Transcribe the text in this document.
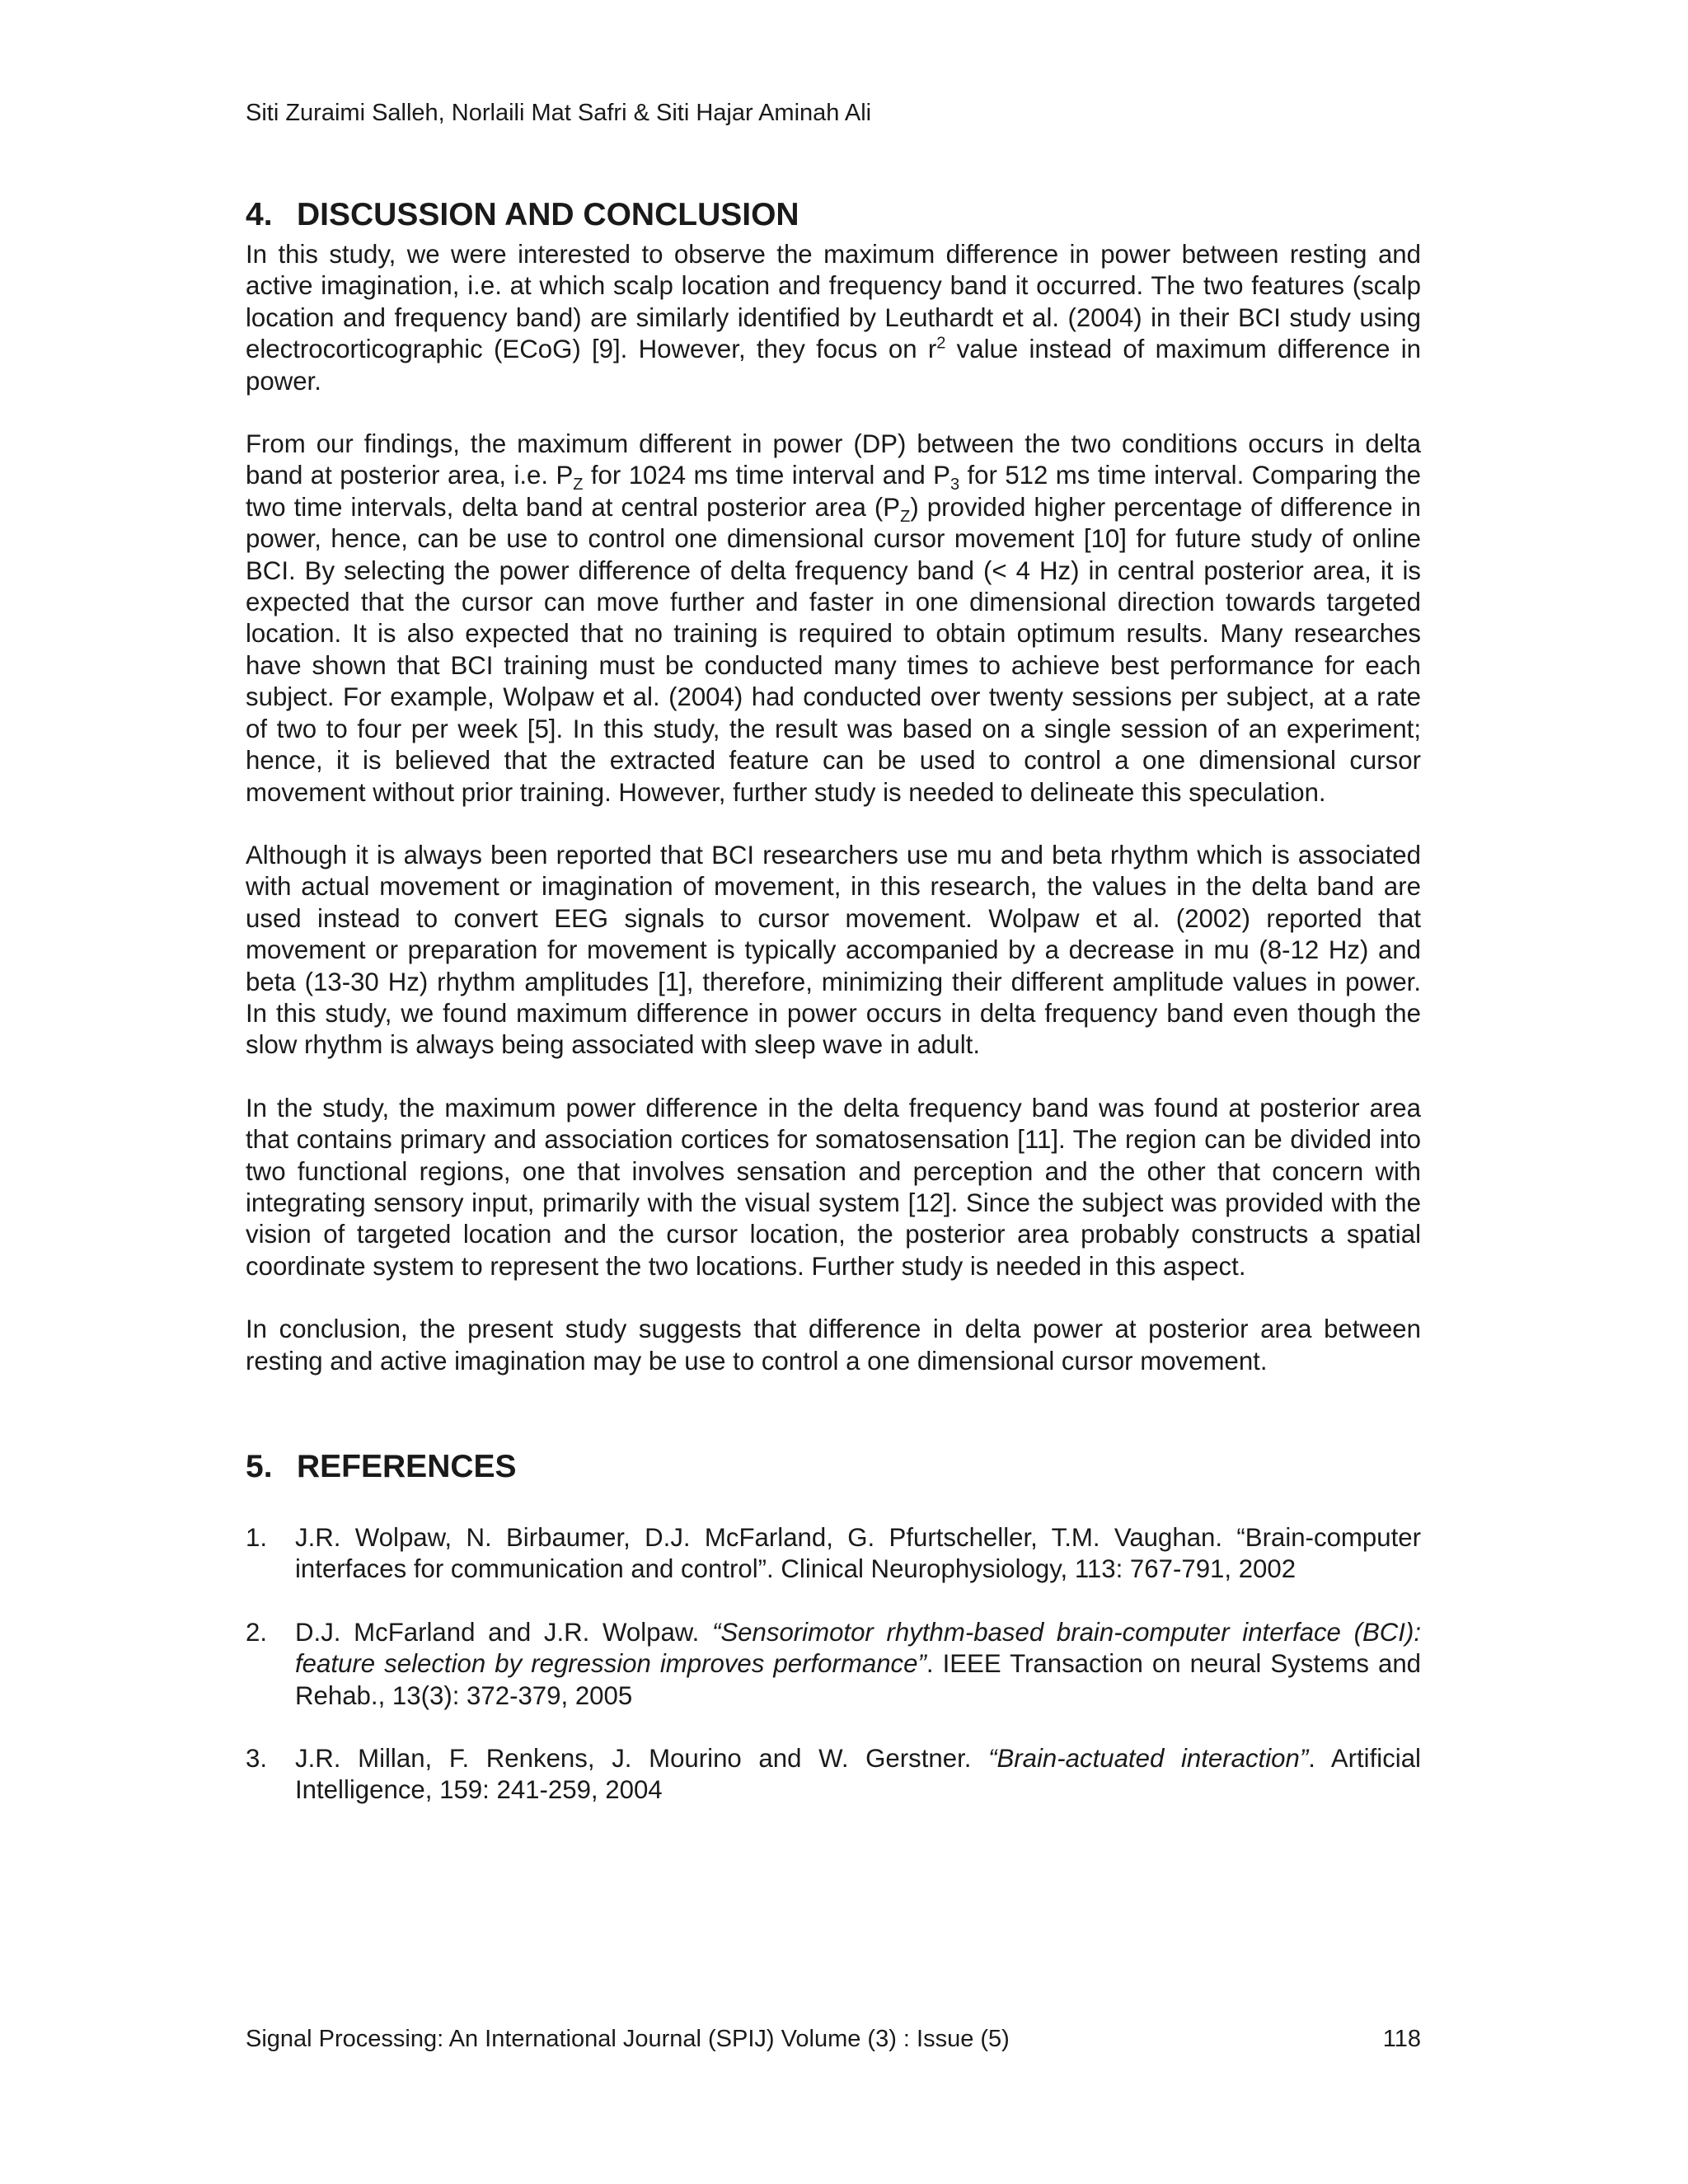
Siti Zuraimi Salleh, Norlaili Mat Safri & Siti Hajar Aminah Ali
4. DISCUSSION AND CONCLUSION

In this study, we were interested to observe the maximum difference in power between resting and active imagination, i.e. at which scalp location and frequency band it occurred. The two features (scalp location and frequency band) are similarly identified by Leuthardt et al. (2004) in their BCI study using electrocorticographic (ECoG) [9]. However, they focus on $r^2$ value instead of maximum difference in power.

From our findings, the maximum different in power (DP) between the two conditions occurs in delta band at posterior area, i.e. $P_Z$ for 1024 ms time interval and $P_3$ for 512 ms time interval. Comparing the two time intervals, delta band at central posterior area $(P_Z)$ provided higher percentage of difference in power, hence, can be use to control one dimensional cursor movement [10] for future study of online BCI. By selecting the power difference of delta frequency band (< 4 Hz) in central posterior area, it is expected that the cursor can move further and faster in one dimensional direction towards targeted location. It is also expected that no training is required to obtain optimum results. Many researches have shown that BCI training must be conducted many times to achieve best performance for each subject. For example, Wolpaw et al. (2004) had conducted over twenty sessions per subject, at a rate of two to four per week [5]. In this study, the result was based on a single session of an experiment; hence, it is believed that the extracted feature can be used to control a one dimensional cursor movement without prior training. However, further study is needed to delineate this speculation.

Although it is always been reported that BCI researchers use mu and beta rhythm which is associated with actual movement or imagination of movement, in this research, the values in the delta band are used instead to convert EEG signals to cursor movement. Wolpaw et al. (2002) reported that movement or preparation for movement is typically accompanied by a decrease in mu (8-12 Hz) and beta (13-30 Hz) rhythm amplitudes [1], therefore, minimizing their different amplitude values in power. In this study, we found maximum difference in power occurs in delta frequency band even though the slow rhythm is always being associated with sleep wave in adult.

In the study, the maximum power difference in the delta frequency band was found at posterior area that contains primary and association cortices for somatosensation [11]. The region can be divided into two functional regions, one that involves sensation and perception and the other that concern with integrating sensory input, primarily with the visual system [12]. Since the subject was provided with the vision of targeted location and the cursor location, the posterior area probably constructs a spatial coordinate system to represent the two locations. Further study is needed in this aspect.

In conclusion, the present study suggests that difference in delta power at posterior area between resting and active imagination may be use to control a one dimensional cursor movement.

5. REFERENCES
1.	J.R. Wolpaw, N. Birbaumer, D.J. McFarland, G. Pfurtscheller, T.M. Vaughan. “Brain-computer interfaces for communication and control”. Clinical Neurophysiology, 113: 767-791, 2002
2.	D.J. McFarland and J.R. Wolpaw. “Sensorimotor rhythm-based brain-computer interface (BCI): feature selection by regression improves performance”. IEEE Transaction on neural Systems and Rehab., 13(3): 372-379, 2005
3.	J.R. Millan, F. Renkens, J. Mourino and W. Gerstner. “Brain-actuated interaction”. Artificial Intelligence, 159: 241-259, 2004
Signal Processing: An International Journal (SPIJ) Volume (3) : Issue (5)	118
